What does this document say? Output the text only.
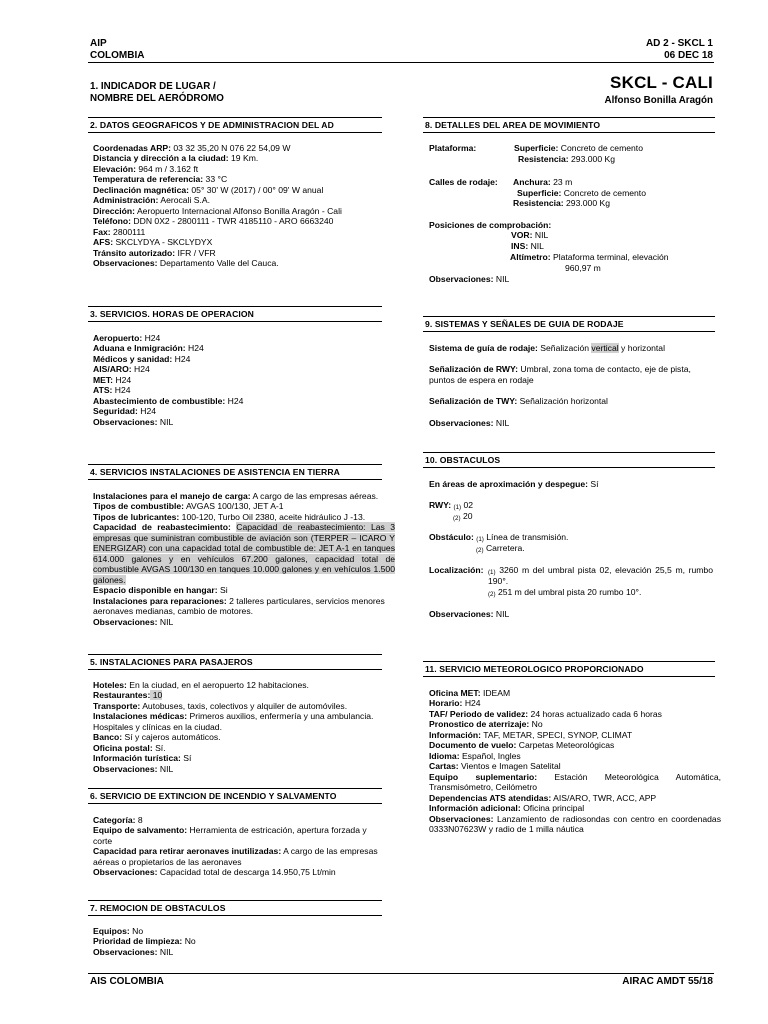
AIP
COLOMBIA
AD 2 - SKCL 1
06 DEC 18
1. INDICADOR DE LUGAR /
NOMBRE DEL AERÓDROMO
SKCL - CALI
Alfonso Bonilla Aragón
2. DATOS GEOGRAFICOS Y DE ADMINISTRACION DEL AD

Coordenadas ARP: 03 32 35,20 N 076 22 54,09 W

Distancia y dirección a la ciudad: 19 Km.

Elevación: 964 m / 3.162 ft

Temperatura de referencia: 33 °C

Declinación magnética: 05° 30' W (2017) / 00° 09' W anual

Administración: Aerocali S.A.

Dirección: Aeropuerto Internacional Alfonso Bonilla Aragón - Cali

Teléfono: DDN 0X2 - 2800111 - TWR 4185110 - ARO 6663240

Fax: 2800111

AFS: SKCLYDYA - SKCLYDYX

Tránsito autorizado: IFR / VFR

Observaciones: Departamento Valle del Cauca.

3. SERVICIOS. HORAS DE OPERACION

Aeropuerto: H24

Aduana e Inmigración: H24

Médicos y sanidad: H24

AIS/ARO: H24

MET: H24

ATS: H24

Abastecimiento de combustible: H24

Seguridad: H24

Observaciones: NIL

4. SERVICIOS INSTALACIONES DE ASISTENCIA EN TIERRA

Instalaciones para el manejo de carga: A cargo de las empresas aéreas.

Tipos de combustible: AVGAS 100/130, JET A-1

Tipos de lubricantes: 100-120, Turbo Oil 2380, aceite hidráulico J -13.

Capacidad de reabastecimiento: Capacidad de reabastecimiento: Las 3 empresas que suministran combustible de aviación son (TERPER – ICARO Y ENERGIZAR) con una capacidad total de combustible de: JET A-1 en tanques 614.000 galones y en vehículos 67.200 galones, capacidad total de combustible AVGAS 100/130 en tanques 10.000 galones y en vehículos 1.500 galones.

Espacio disponible en hangar: Si

Instalaciones para reparaciones: 2 talleres particulares, servicios menores aeronaves medianas, cambio de motores.

Observaciones: NIL

5. INSTALACIONES PARA PASAJEROS

Hoteles: En la ciudad, en el aeropuerto 12 habitaciones.

Restaurantes: 10

Transporte: Autobuses, taxis, colectivos y alquiler de automóviles.

Instalaciones médicas: Primeros auxilios, enfermería y una ambulancia. Hospitales y clínicas en la ciudad.

Banco: Sí y cajeros automáticos.

Oficina postal: Sí.

Información turística: Sí

Observaciones: NIL

6. SERVICIO DE EXTINCION DE INCENDIO Y SALVAMENTO

Categoría: 8

Equipo de salvamento: Herramienta de estricación, apertura forzada y corte

Capacidad para retirar aeronaves inutilizadas: A cargo de las empresas aéreas o propietarios de las aeronaves

Observaciones: Capacidad total de descarga 14.950,75 Lt/min

7. REMOCION DE OBSTACULOS

Equipos: No

Prioridad de limpieza: No

Observaciones: NIL

8. DETALLES DEL AREA DE MOVIMIENTO
Plataforma:	Superficie: Concreto de cemento
Resistencia: 293.000 Kg
Calles de rodaje: Anchura: 23 m
Superficie: Concreto de cemento
Resistencia: 293.000 Kg
Posiciones de comprobación:
VOR: NIL
INS: NIL
Altímetro: Plataforma terminal, elevación
960,97 m
Observaciones: NIL
9. SISTEMAS Y SEÑALES DE GUIA DE RODAJE

Sistema de guía de rodaje: Señalización vertical y horizontal

Señalización de RWY: Umbral, zona toma de contacto, eje de pista, puntos de espera en rodaje

Señalización de TWY: Señalización horizontal

Observaciones: NIL

10. OBSTACULOS
En áreas de aproximación y despegue: Sí
RWY: (1) 02
(2) 20
Obstáculo: (1) Línea de transmisión.
(2) Carretera.
Localización: (1) 3260 m del umbral pista 02, elevación 25,5 m, rumbo 190°.
(2) 251 m del umbral pista 20 rumbo 10°.
Observaciones: NIL
11. SERVICIO METEOROLOGICO PROPORCIONADO

Oficina MET: IDEAM

Horario: H24

TAF/ Periodo de validez: 24 horas actualizado cada 6 horas

Pronostico de aterrizaje: No

Información: TAF, METAR, SPECI, SYNOP, CLIMAT

Documento de vuelo: Carpetas Meteorológicas

Idioma: Español, Ingles

Cartas: Vientos e Imagen Satelital

Equipo suplementario: Estación Meteorológica Automática, Transmisómetro, Ceilómetro

Dependencias ATS atendidas: AIS/ARO, TWR, ACC, APP

Información adicional: Oficina principal

Observaciones: Lanzamiento de radiosondas con centro en coordenadas 0333N07623W y radio de 1 milla náutica

AIS COLOMBIA	AIRAC AMDT 55/18
